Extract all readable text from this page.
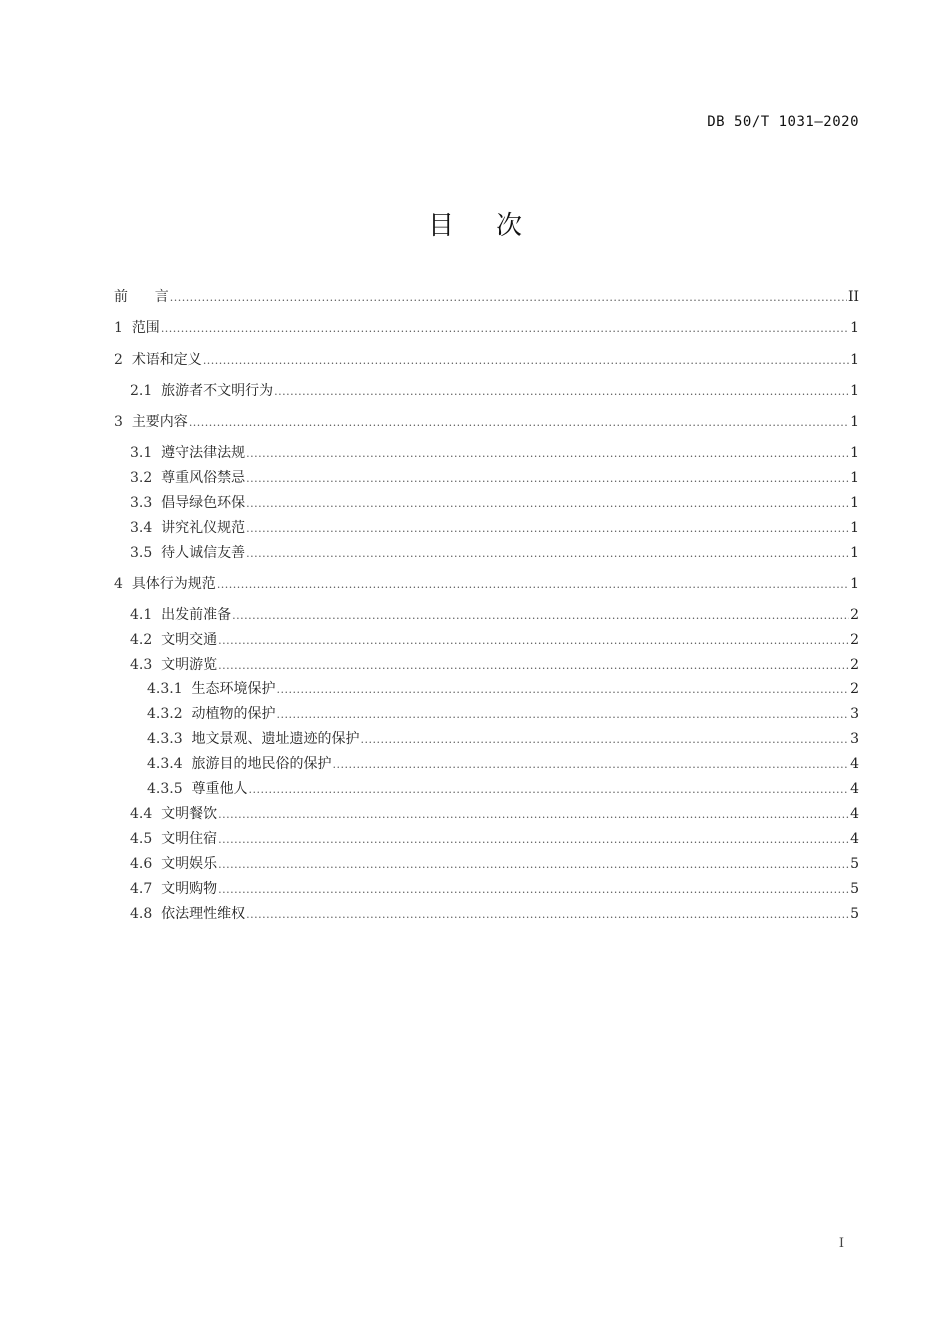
DB 50/T 1031—2020
目次
前      言 .....	II
1 范围 .....	1
2 术语和定义 .....	1
2.1 旅游者不文明行为 .....	1
3 主要内容 .....	1
3.1 遵守法律法规 .....	1
3.2 尊重风俗禁忌 .....	1
3.3 倡导绿色环保 .....	1
3.4 讲究礼仪规范 .....	1
3.5 待人诚信友善 .....	1
4 具体行为规范 .....	1
4.1 出发前准备 .....	2
4.2 文明交通 .....	2
4.3 文明游览 .....	2
4.3.1 生态环境保护 .....	2
4.3.2 动植物的保护 .....	3
4.3.3 地文景观、遗址遗迹的保护 .....	3
4.3.4 旅游目的地民俗的保护 .....	4
4.3.5 尊重他人 .....	4
4.4 文明餐饮 .....	4
4.5 文明住宿 .....	4
4.6 文明娱乐 .....	5
4.7 文明购物 .....	5
4.8 依法理性维权 .....	5
I
